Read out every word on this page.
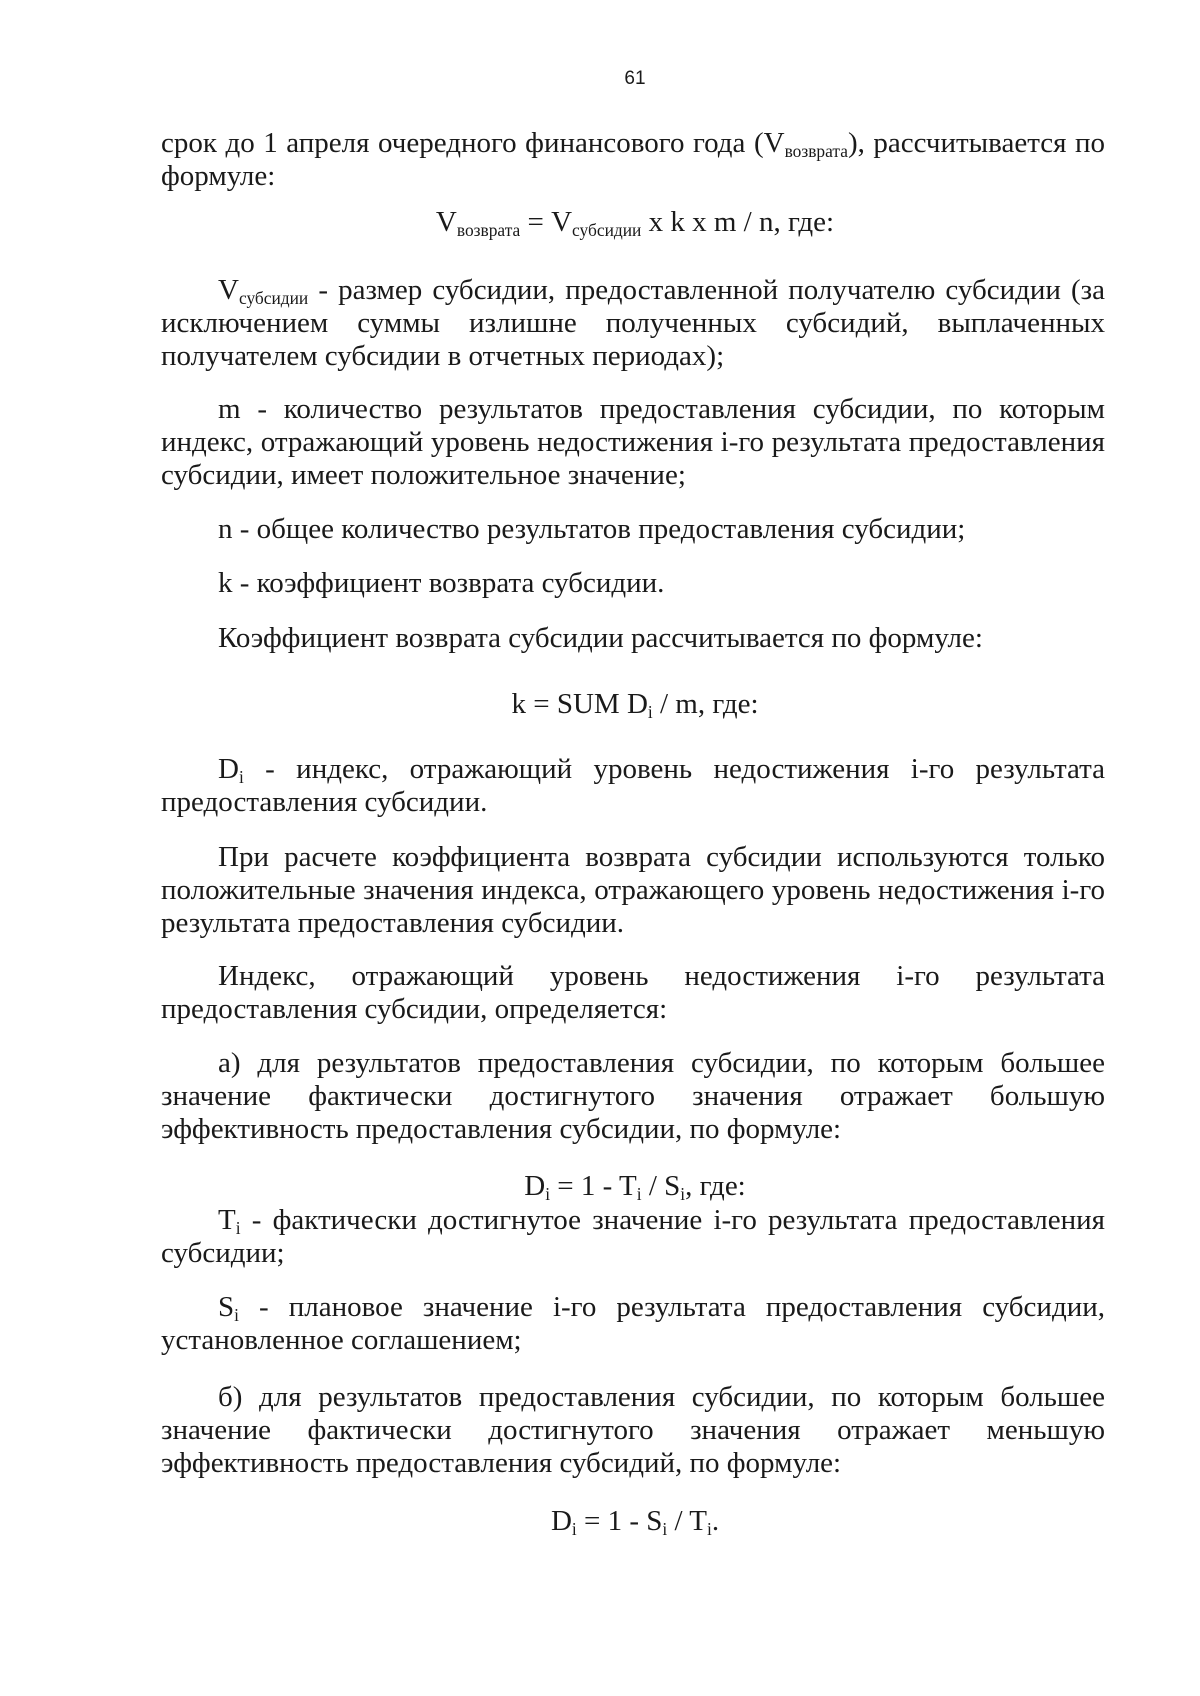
61

срок до 1 апреля очередного финансового года $(V_{возврата})$, рассчитывается по формуле:

$V_{возврата} = V_{субсидии}$ x k x m / n, где:

$V_{субсидии}$ - размер субсидии, предоставленной получателю субсидии (за исключением суммы излишне полученных субсидий, выплаченных получателем субсидии в отчетных периодах);

m - количество результатов предоставления субсидии, по которым индекс, отражающий уровень недостижения i-го результата предоставления субсидии, имеет положительное значение;

n - общее количество результатов предоставления субсидии;

k - коэффициент возврата субсидии.

Коэффициент возврата субсидии рассчитывается по формуле:

k = SUM $D_i$ / m, где:

$D_i$ - индекс, отражающий уровень недостижения i-го результата предоставления субсидии.

При расчете коэффициента возврата субсидии используются только положительные значения индекса, отражающего уровень недостижения i-го результата предоставления субсидии.

Индекс, отражающий уровень недостижения i-го результата предоставления субсидии, определяется:

а) для результатов предоставления субсидии, по которым большее значение фактически достигнутого значения отражает большую эффективность предоставления субсидии, по формуле:

$D_i = 1 - T_i / S_i$, где:

$T_i$ - фактически достигнутое значение i-го результата предоставления субсидии;

$S_i$ - плановое значение i-го результата предоставления субсидии, установленное соглашением;

б) для результатов предоставления субсидии, по которым большее значение фактически достигнутого значения отражает меньшую эффективность предоставления субсидий, по формуле:

$D_i = 1 - S_i / T_i$.
